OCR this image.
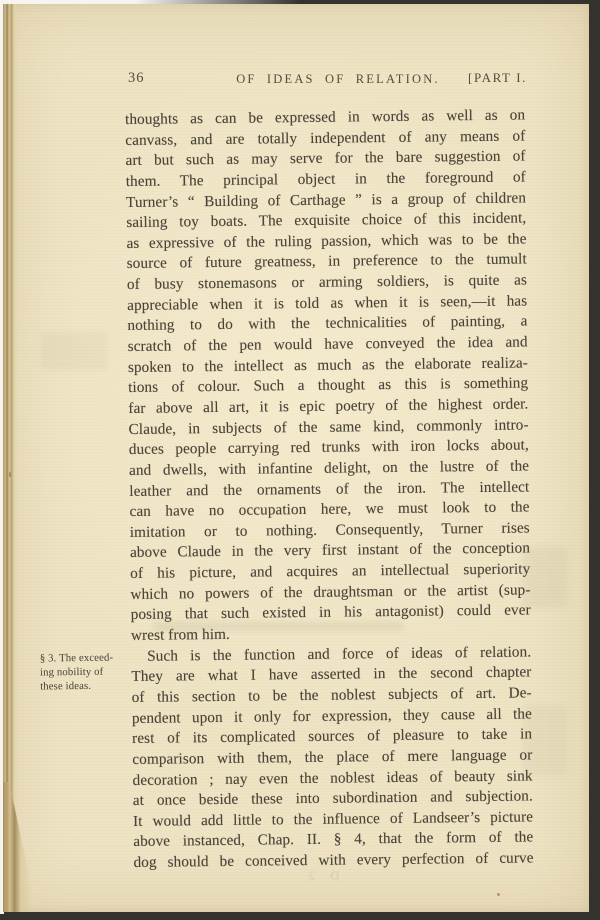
36	OF IDEAS OF RELATION.	[PART I.
§ 3. The exceed-
ing nobility of
these ideas.
thoughts as can be expressed in words as well as on
canvass, and are totally independent of any means of
art but such as may serve for the bare suggestion of
them. The principal object in the foreground of
Turner’s “ Building of Carthage ” is a group of children
sailing toy boats. The exquisite choice of this incident,
as expressive of the ruling passion, which was to be the
source of future greatness, in preference to the tumult
of busy stonemasons or arming soldiers, is quite as
appreciable when it is told as when it is seen,—it has
nothing to do with the technicalities of painting, a
scratch of the pen would have conveyed the idea and
spoken to the intellect as much as the elaborate realiza-
tions of colour. Such a thought as this is something
far above all art, it is epic poetry of the highest order.
Claude, in subjects of the same kind, commonly intro-
duces people carrying red trunks with iron locks about,
and dwells, with infantine delight, on the lustre of the
leather and the ornaments of the iron. The intellect
can have no occupation here, we must look to the
imitation or to nothing. Consequently, Turner rises
above Claude in the very first instant of the conception
of his picture, and acquires an intellectual superiority
which no powers of the draughtsman or the artist (sup-
posing that such existed in his antagonist) could ever
wrest from him.
Such is the function and force of ideas of relation.
They are what I have asserted in the second chapter
of this section to be the noblest subjects of art. De-
pendent upon it only for expression, they cause all the
rest of its complicated sources of pleasure to take in
comparison with them, the place of mere language or
decoration ; nay even the noblest ideas of beauty sink
at once beside these into subordination and subjection.
It would add little to the influence of Landseer’s picture
above instanced, Chap. II. § 4, that the form of the
dog should be conceived with every perfection of curve
D 2
